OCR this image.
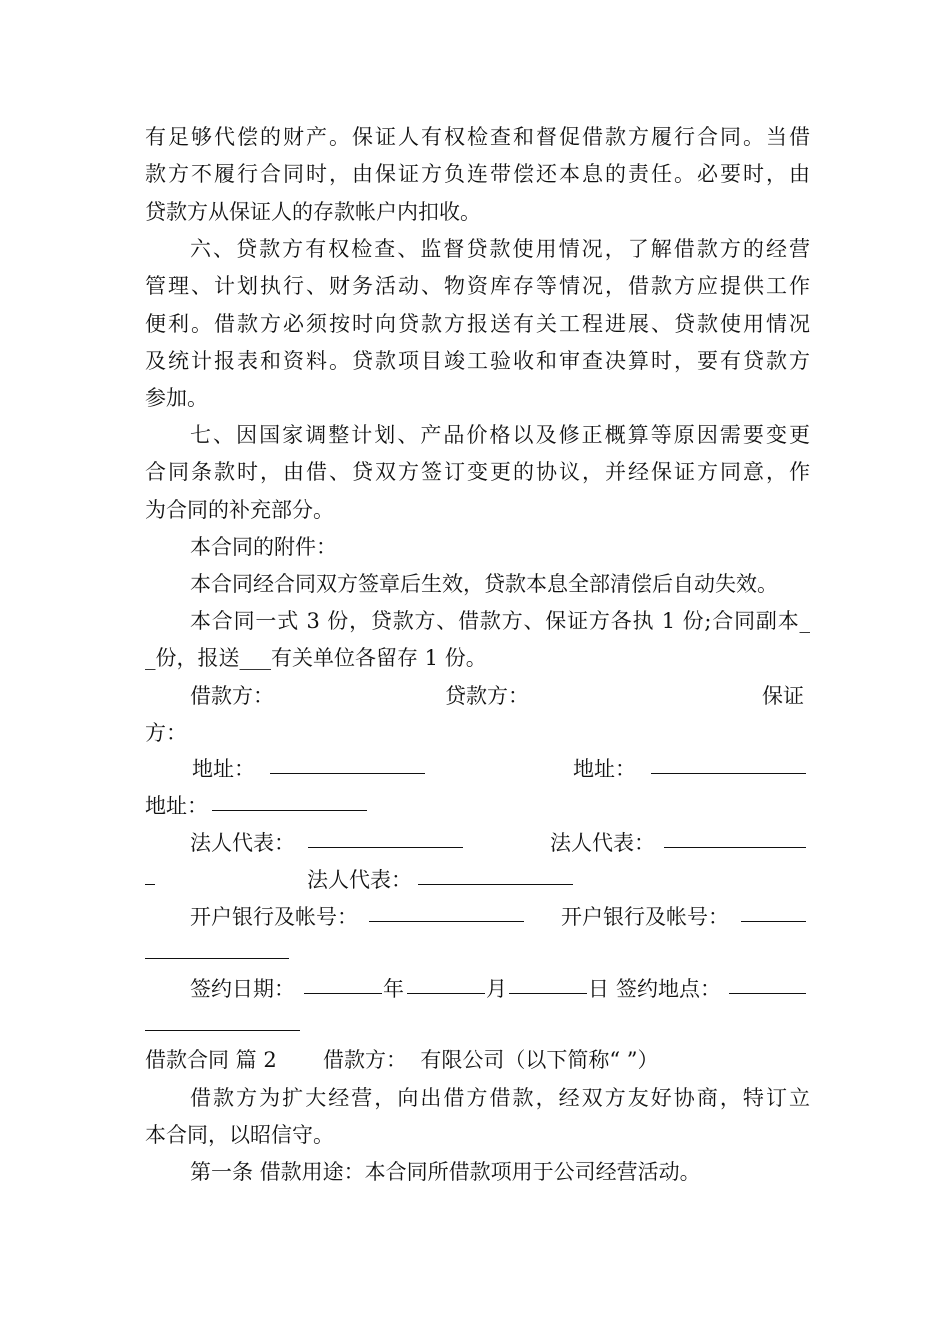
有足够代偿的财产。保证人有权检查和督促借款方履行合同。当借
款方不履行合同时，由保证方负连带偿还本息的责任。必要时，由
贷款方从保证人的存款帐户内扣收。
六、贷款方有权检查、监督贷款使用情况，了解借款方的经营
管理、计划执行、财务活动、物资库存等情况，借款方应提供工作
便利。借款方必须按时向贷款方报送有关工程进展、贷款使用情况
及统计报表和资料。贷款项目竣工验收和审查决算时，要有贷款方
参加。
七、因国家调整计划、产品价格以及修正概算等原因需要变更
合同条款时，由借、贷双方签订变更的协议，并经保证方同意，作
为合同的补充部分。
本合同的附件：
本合同经合同双方签章后生效，贷款本息全部清偿后自动失效。
本合同一式 3 份，贷款方、借款方、保证方各执 1 份;合同副本_
_份，报送___有关单位各留存 1 份。
借款方：	贷款方：	保证
方：
地址：	地址：
地址：
法人代表：	法人代表：
法人代表：
开户银行及帐号：	开户银行及帐号：
签约日期：	年	月	日 签约地点：
借款合同 篇 2 借款方：  有限公司（以下简称“ ”）
借款方为扩大经营，向出借方借款，经双方友好协商，特订立
本合同，以昭信守。
第一条 借款用途：本合同所借款项用于公司经营活动。
